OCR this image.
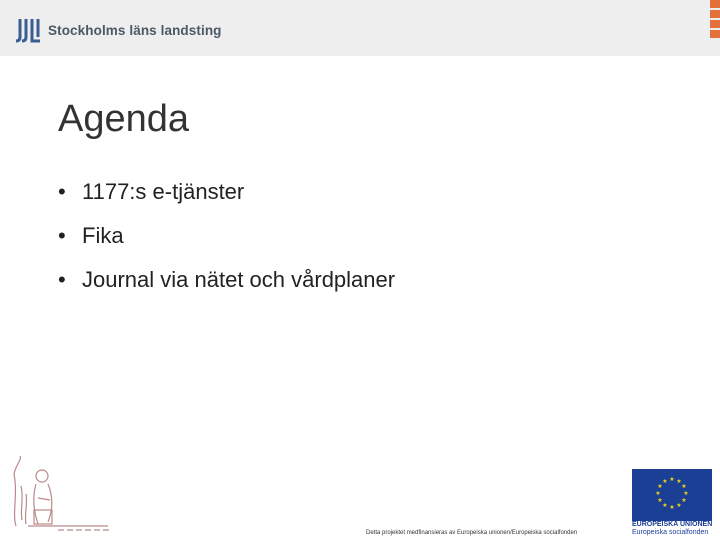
Stockholms läns landsting
Agenda
• 1177:s e-tjänster
• Fika
• Journal via nätet och vårdplaner
Detta projektet medfinansieras av Europeiska unionen/Europeiska socialfonden
★ ★
★
★
★
★
★
★
★
★
★
★
EUROPEISKA UNIONEN
Europeiska socialfonden
